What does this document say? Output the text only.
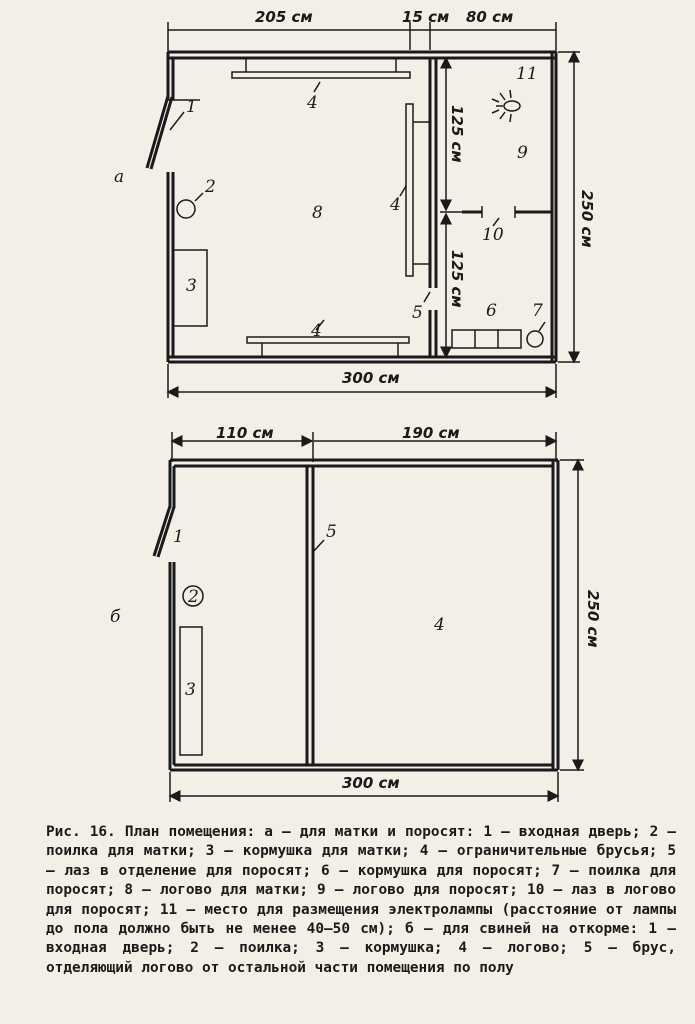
205 см	15 см 80 см
125 см
125 см
300 см
250 см
а
1
2
3
4
4
8
4
5	6 7
9
10
11
110 см	190 см
300 см
250 см
б
1
2
3
5
4

Рис. 16. План помещения: а — для матки и поросят: 1 — входная дверь; 2 — поилка для матки; 3 — кормушка для матки; 4 — ограничительные брусья; 5 — лаз в отделение для поросят; 6 — кормушка для поросят; 7 — поилка для поросят; 8 — логово для матки; 9 — логово для поросят; 10 — лаз в логово для поросят; 11 — место для размещения электролампы (расстояние от лампы до пола должно быть не менее 40–50 см); б — для свиней на откорме: 1 — входная дверь; 2 — поилка; 3 — кормушка; 4 — логово; 5 — брус, отделяющий логово от остальной части помещения по полу
